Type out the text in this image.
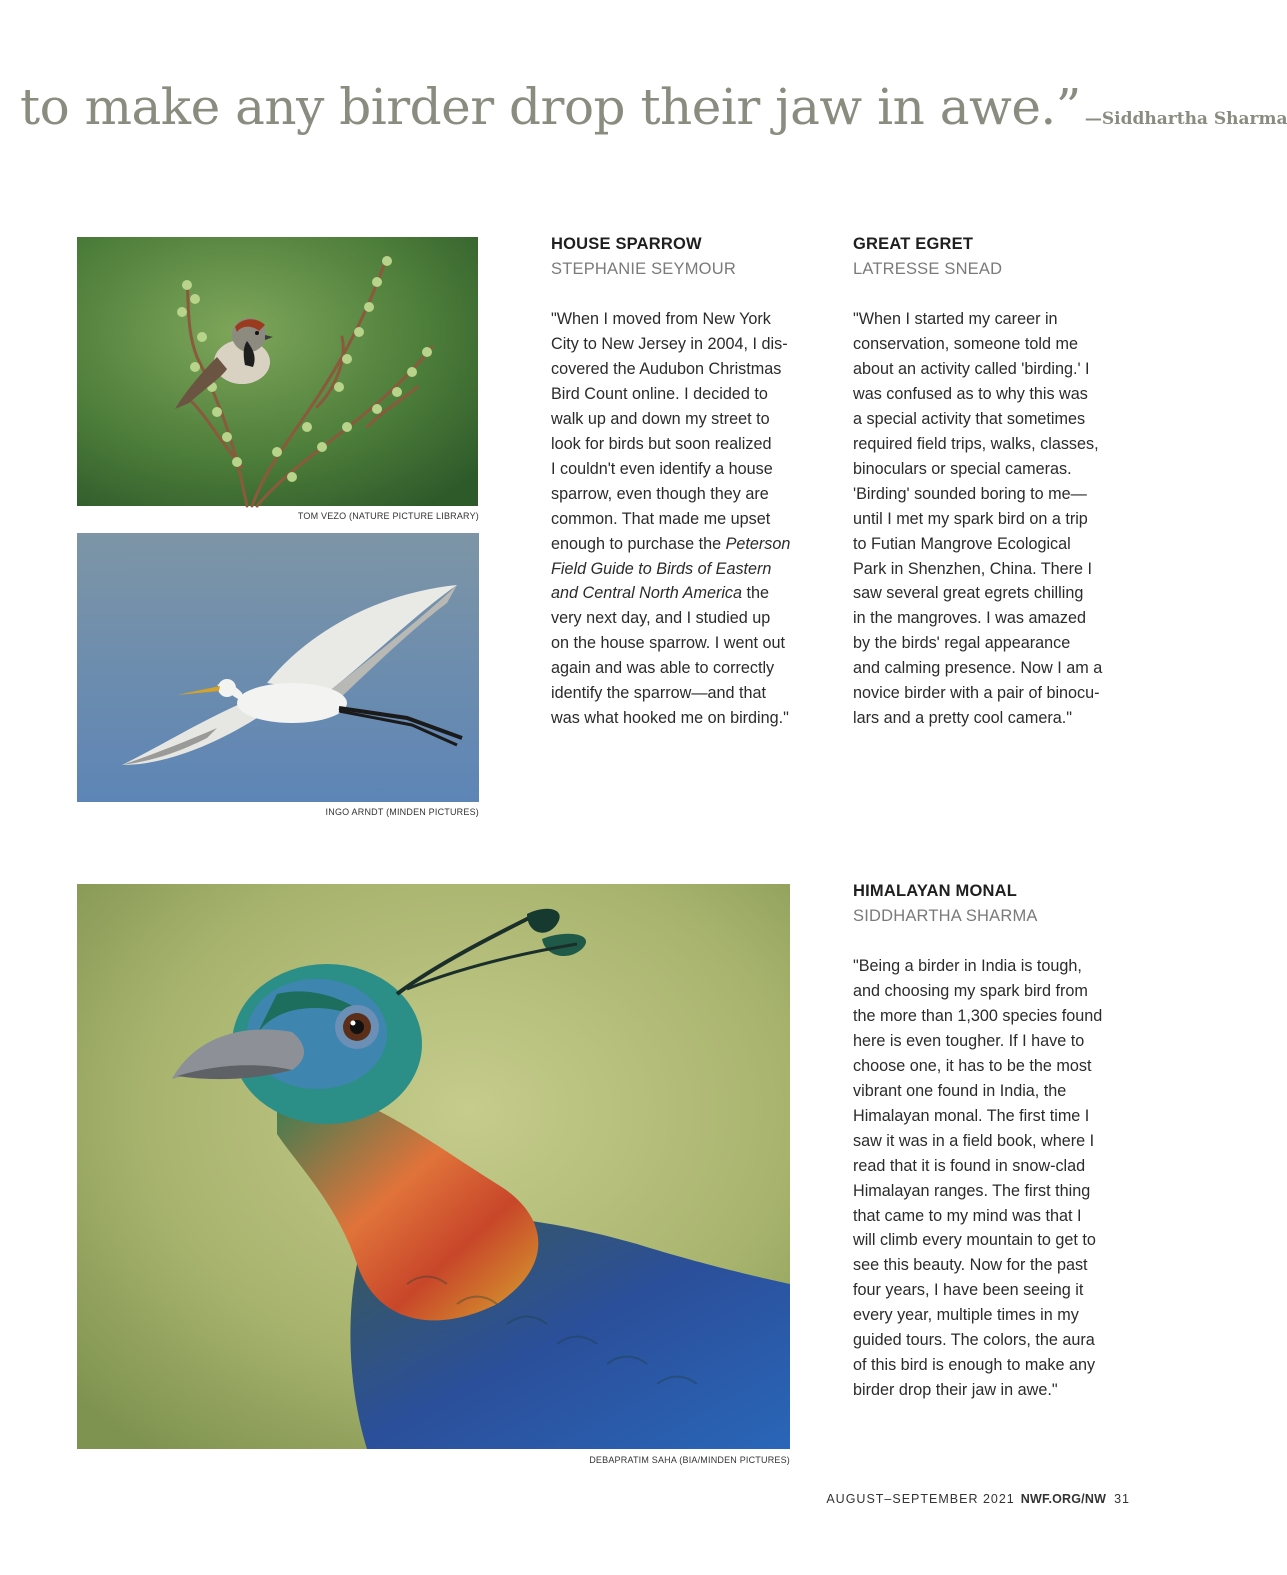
to make any birder drop their jaw in awe.” —Siddhartha Sharma
TOM VEZO (NATURE PICTURE LIBRARY)
INGO ARNDT (MINDEN PICTURES)
DEBAPRATIM SAHA (BIA/MINDEN PICTURES)
HOUSE SPARROW
STEPHANIE SEYMOUR
"When I moved from New York
City to New Jersey in 2004, I dis-
covered the Audubon Christmas
Bird Count online. I decided to
walk up and down my street to
look for birds but soon realized
I couldn't even identify a house
sparrow, even though they are
common. That made me upset
enough to purchase the Peterson
Field Guide to Birds of Eastern
and Central North America the
very next day, and I studied up
on the house sparrow. I went out
again and was able to correctly
identify the sparrow—and that
was what hooked me on birding."
GREAT EGRET
LATRESSE SNEAD
"When I started my career in
conservation, someone told me
about an activity called 'birding.' I
was confused as to why this was
a special activity that sometimes
required field trips, walks, classes,
binoculars or special cameras.
'Birding' sounded boring to me—
until I met my spark bird on a trip
to Futian Mangrove Ecological
Park in Shenzhen, China. There I
saw several great egrets chilling
in the mangroves. I was amazed
by the birds' regal appearance
and calming presence. Now I am a
novice birder with a pair of binocu-
lars and a pretty cool camera."
HIMALAYAN MONAL
SIDDHARTHA SHARMA
"Being a birder in India is tough,
and choosing my spark bird from
the more than 1,300 species found
here is even tougher. If I have to
choose one, it has to be the most
vibrant one found in India, the
Himalayan monal. The first time I
saw it was in a field book, where I
read that it is found in snow-clad
Himalayan ranges. The first thing
that came to my mind was that I
will climb every mountain to get to
see this beauty. Now for the past
four years, I have been seeing it
every year, multiple times in my
guided tours. The colors, the aura
of this bird is enough to make any
birder drop their jaw in awe."
AUGUST–SEPTEMBER 2021 NWF.ORG/NW 31
